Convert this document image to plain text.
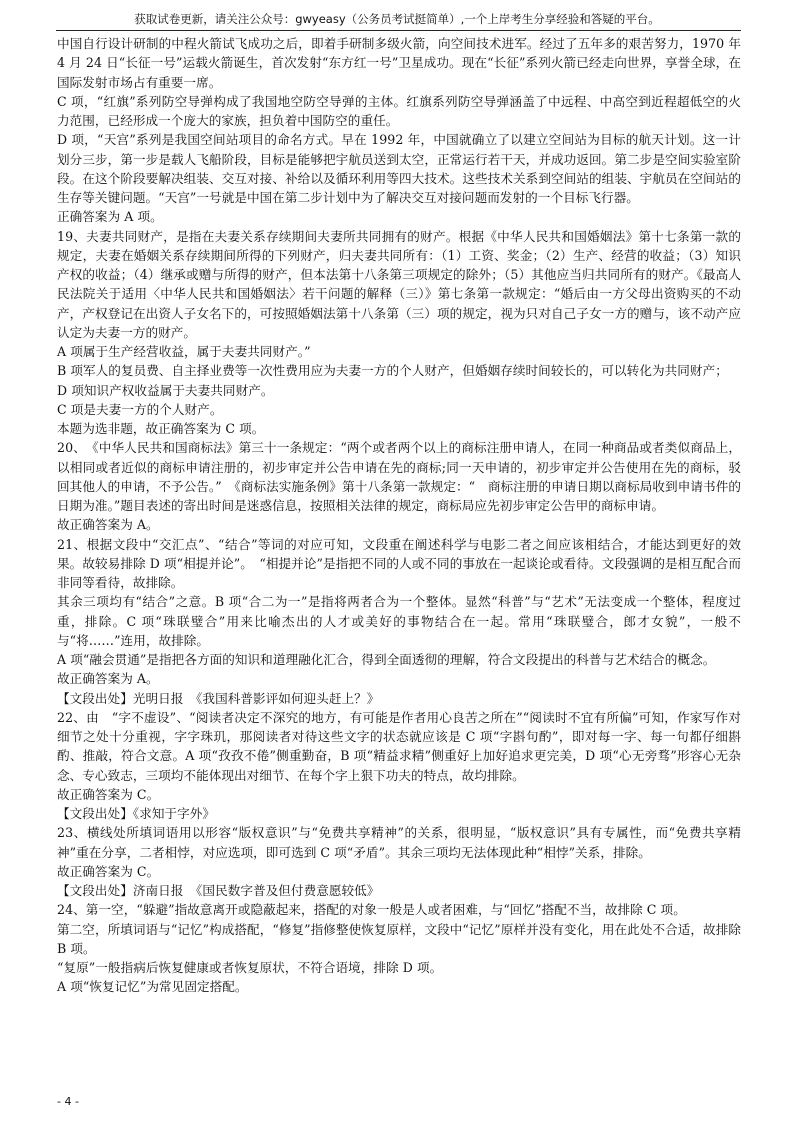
获取试卷更新，请关注公众号：gwyeasy（公务员考试挺简单）,一个上岸考生分享经验和答疑的平台。

中国自行设计研制的中程火箭试飞成功之后，即着手研制多级火箭，向空间技术进军。经过了五年多的艰苦努力，1970 年 4 月 24 日“长征一号”运载火箭诞生，首次发射“东方红一号”卫星成功。现在“长征”系列火箭已经走向世界，享誉全球，在国际发射市场占有重要一席。

C 项，“红旗”系列防空导弹构成了我国地空防空导弹的主体。红旗系列防空导弹涵盖了中远程、中高空到近程超低空的火力范围，已经形成一个庞大的家族，担负着中国防空的重任。

D 项，“天宫”系列是我国空间站项目的命名方式。早在 1992 年，中国就确立了以建立空间站为目标的航天计划。这一计划分三步，第一步是载人飞船阶段，目标是能够把宇航员送到太空，正常运行若干天，并成功返回。第二步是空间实验室阶段。在这个阶段要解决组装、交互对接、补给以及循环利用等四大技术。这些技术关系到空间站的组装、宇航员在空间站的生存等关键问题。“天宫”一号就是中国在第二步计划中为了解决交互对接问题而发射的一个目标飞行器。

正确答案为 A 项。

19、夫妻共同财产，是指在夫妻关系存续期间夫妻所共同拥有的财产。根据《中华人民共和国婚姻法》第十七条第一款的规定，夫妻在婚姻关系存续期间所得的下列财产，归夫妻共同所有：（1）工资、奖金；（2）生产、经营的收益；（3）知识产权的收益；（4）继承或赠与所得的财产，但本法第十八条第三项规定的除外；（5）其他应当归共同所有的财产。《最高人民法院关于适用〈中华人民共和国婚姻法〉若干问题的解释（三）》第七条第一款规定：“婚后由一方父母出资购买的不动产，产权登记在出资人子女名下的，可按照婚姻法第十八条第（三）项的规定，视为只对自己子女一方的赠与，该不动产应认定为夫妻一方的财产。

A 项属于生产经营收益，属于夫妻共同财产。”

B 项军人的复员费、自主择业费等一次性费用应为夫妻一方的个人财产，但婚姻存续时间较长的，可以转化为共同财产；

D 项知识产权收益属于夫妻共同财产。

C 项是夫妻一方的个人财产。

本题为选非题，故正确答案为 C 项。

20、　《中华人民共和国商标法》第三十一条规定：“两个或者两个以上的商标注册申请人，在同一种商品或者类似商品上，以相同或者近似的商标申请注册的，初步审定并公告申请在先的商标;同一天申请的，初步审定并公告使用在先的商标，驳回其他人的申请，不予公告。”　《商标法实施条例》第十八条第一款规定：“　商标注册的申请日期以商标局收到申请书件的日期为准。”题目表述的寄出时间是迷惑信息，按照相关法律的规定，商标局应先初步审定公告甲的商标申请。

故正确答案为 A。

21、根据文段中“交汇点”、“结合”等词的对应可知，文段重在阐述科学与电影二者之间应该相结合，才能达到更好的效果。故较易排除 D 项“相提并论”。　“相提并论”是指把不同的人或不同的事放在一起谈论或看待。文段强调的是相互配合而非同等看待，故排除。

其余三项均有“结合”之意。B 项“合二为一”是指将两者合为一个整体。显然“科普”与“艺术”无法变成一个整体，程度过重，排除。C 项“珠联璧合”用来比喻杰出的人才或美好的事物结合在一起。常用“珠联璧合，郎才女貌”，一般不与“将……”连用，故排除。

A 项“融会贯通”是指把各方面的知识和道理融化汇合，得到全面透彻的理解，符合文段提出的科普与艺术结合的概念。

故正确答案为 A。

【文段出处】光明日报　《我国科普影评如何迎头赶上？》

22、由　“字不虚设”、“阅读者决定不深究的地方，有可能是作者用心良苦之所在”“阅读时不宜有所偏”可知，作家写作对细节之处十分重视，字字珠玑，那阅读者对待这些文字的状态就应该是 C 项“字斟句酌”，即对每一字、每一句都仔细斟酌、推敲，符合文意。A 项“孜孜不倦”侧重勤奋，B 项“精益求精”侧重好上加好追求更完美，D 项“心无旁骛”形容心无杂念、专心致志，三项均不能体现出对细节、在每个字上狠下功夫的特点，故均排除。

故正确答案为 C。

【文段出处】《求知于字外》

23、横线处所填词语用以形容“版权意识”与“免费共享精神”的关系，很明显，“版权意识”具有专属性，而“免费共享精神”重在分享，二者相悖，对应选项，即可选到 C 项“矛盾”。其余三项均无法体现此种“相悖”关系，排除。

故正确答案为 C。

【文段出处】济南日报　《国民数字普及但付费意愿较低》

24、第一空，“躲避”指故意离开或隐蔽起来，搭配的对象一般是人或者困难，与“回忆”搭配不当，故排除 C 项。

第二空，所填词语与“记忆”构成搭配，“修复”指修整使恢复原样，文段中“记忆”原样并没有变化，用在此处不合适，故排除 B 项。

“复原”一般指病后恢复健康或者恢复原状，不符合语境，排除 D 项。

A 项“恢复记忆”为常见固定搭配。

- 4 -
